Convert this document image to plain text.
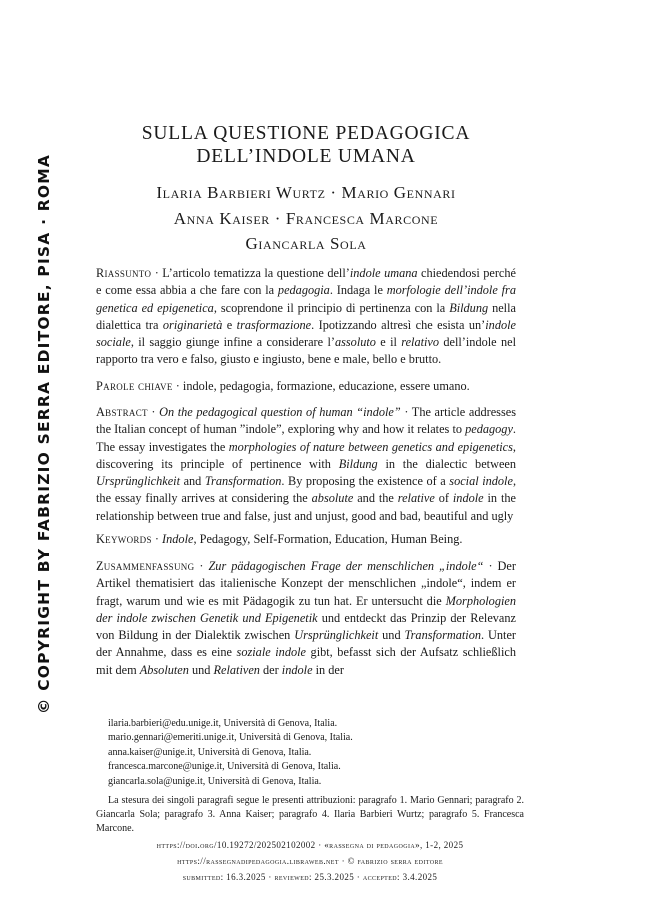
© COPYRIGHT BY FABRIZIO SERRA EDITORE, PISA · ROMA
SULLA QUESTIONE PEDAGOGICA
DELL’INDOLE UMANA
Ilaria Barbieri Wurtz · Mario Gennari
Anna Kaiser · Francesca Marcone
Giancarla Sola
Riassunto · L’articolo tematizza la questione dell’indole umana chiedendosi perché e come essa abbia a che fare con la pedagogia. Indaga le morfologie dell’indole fra genetica ed epigenetica, scoprendone il principio di pertinenza con la Bildung nella dialettica tra originarietà e trasformazione. Ipotizzando altresì che esista un’indole sociale, il saggio giunge infine a considerare l’assoluto e il relativo dell’indole nel rapporto tra vero e falso, giusto e ingiusto, bene e male, bello e brutto.
Parole chiave · indole, pedagogia, formazione, educazione, essere umano.
Abstract · On the pedagogical question of human “indole” · The article addresses the Italian concept of human ”indole”, exploring why and how it relates to pedagogy. The essay investigates the morphologies of nature between genetics and epigenetics, discovering its principle of pertinence with Bildung in the dialectic between Ursprünglichkeit and Transformation. By proposing the existence of a social indole, the essay finally arrives at considering the absolute and the relative of indole in the relationship between true and false, just and unjust, good and bad, beautiful and ugly
Keywords · Indole, Pedagogy, Self-Formation, Education, Human Being.
Zusammenfassung · Zur pädagogischen Frage der menschlichen „indole“ · Der Artikel thematisiert das italienische Konzept der menschlichen „indole“, indem er fragt, warum und wie es mit Pädagogik zu tun hat. Er untersucht die Morphologien der indole zwischen Genetik und Epigenetik und entdeckt das Prinzip der Relevanz von Bildung in der Dialektik zwischen Ursprünglichkeit und Transformation. Unter der Annahme, dass es eine soziale indole gibt, befasst sich der Aufsatz schließlich mit dem Absoluten und Relativen der indole in der
ilaria.barbieri@edu.unige.it, Università di Genova, Italia.
mario.gennari@emeriti.unige.it, Università di Genova, Italia.
anna.kaiser@unige.it, Università di Genova, Italia.
francesca.marcone@unige.it, Università di Genova, Italia.
giancarla.sola@unige.it, Università di Genova, Italia.
La stesura dei singoli paragrafi segue le presenti attribuzioni: paragrafo 1. Mario Gennari; paragrafo 2. Giancarla Sola; paragrafo 3. Anna Kaiser; paragrafo 4. Ilaria Barbieri Wurtz; paragrafo 5. Francesca Marcone.
https://doi.org/10.19272/202502102002 · «rassegna di pedagogia», 1-2, 2025
https://rassegnadipedagogia.libraweb.net · © fabrizio serra editore
submitted: 16.3.2025 · reviewed: 25.3.2025 · accepted: 3.4.2025
